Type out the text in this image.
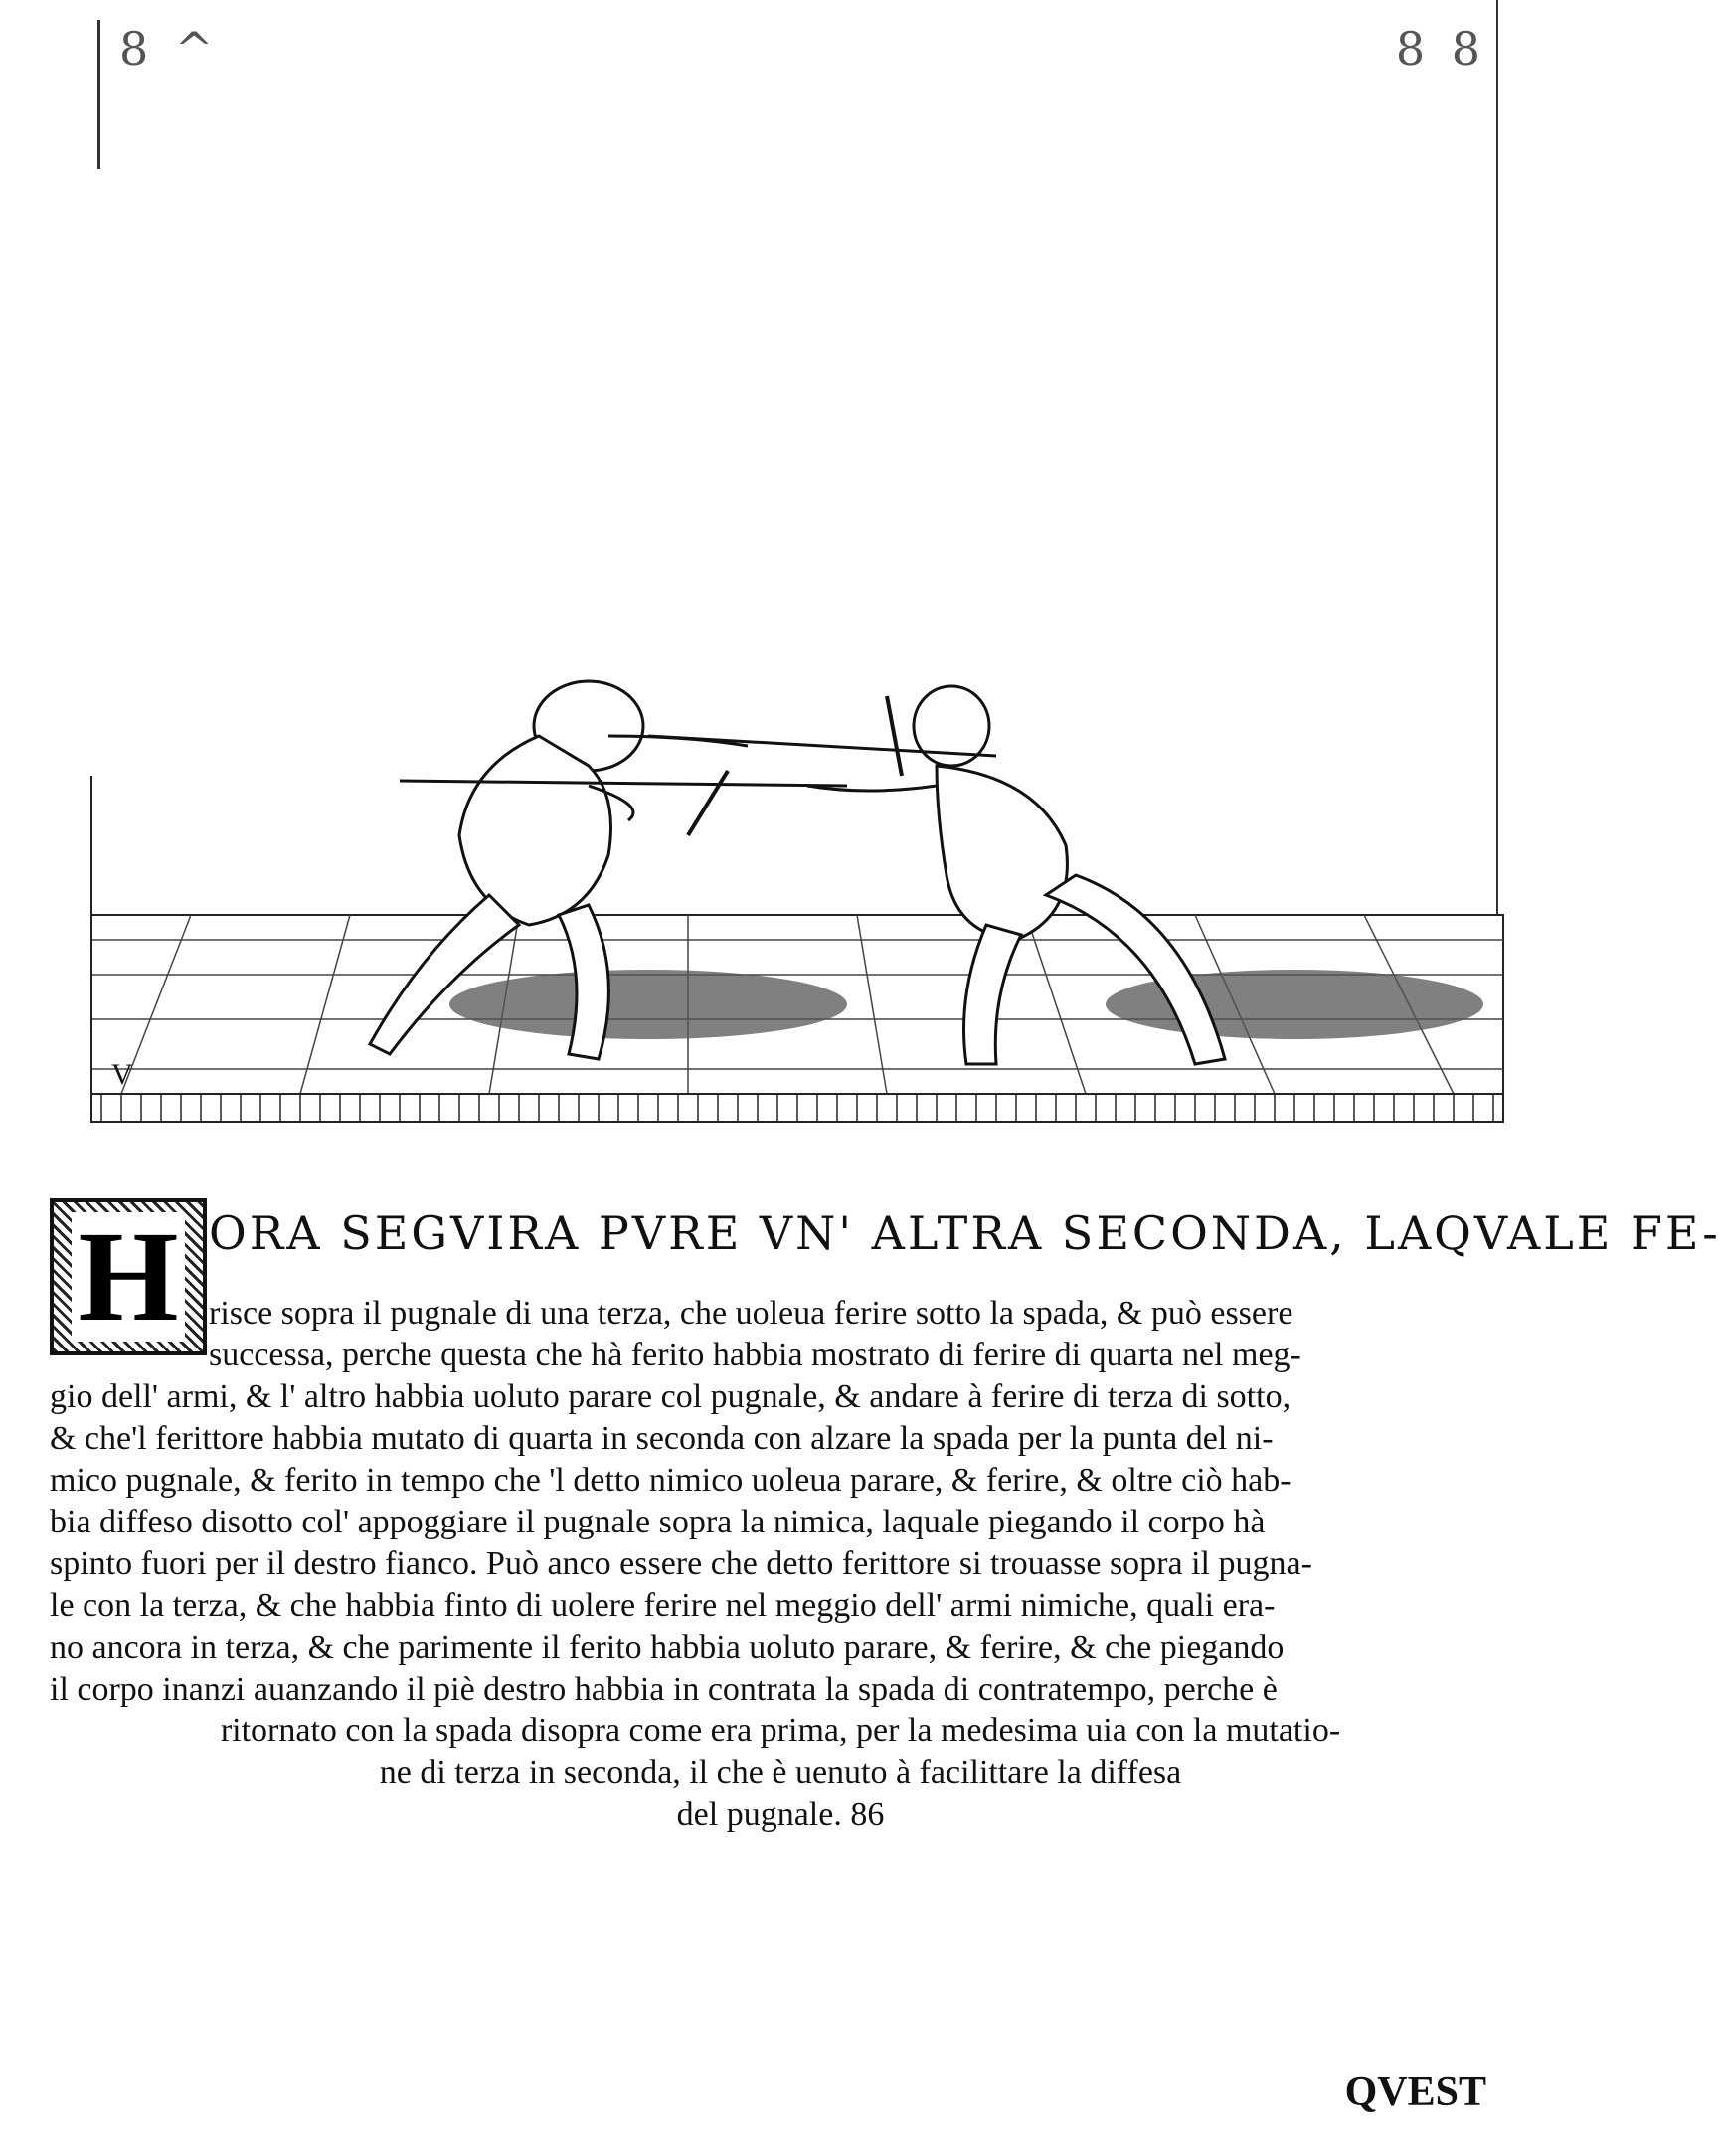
8 ^	8 8
V
H ORA SEGVIRA PVRE VN' ALTRA SECONDA, LAQVALE FE-
risce sopra il pugnale di una terza, che uoleua ferire sotto la spada, & può essere
successa, perche questa che hà ferito habbia mostrato di ferire di quarta nel meg-
gio dell' armi, & l' altro habbia uoluto parare col pugnale, & andare à ferire di terza di sotto,
& che'l ferittore habbia mutato di quarta in seconda con alzare la spada per la punta del ni-
mico pugnale, & ferito in tempo che 'l detto nimico uoleua parare, & ferire, & oltre ciò hab-
bia diffeso disotto col' appoggiare il pugnale sopra la nimica, laquale piegando il corpo hà
spinto fuori per il destro fianco. Può anco essere che detto ferittore si trouasse sopra il pugna-
le con la terza, & che habbia finto di uolere ferire nel meggio dell' armi nimiche, quali era-
no ancora in terza, & che parimente il ferito habbia uoluto parare, & ferire, & che piegando
il corpo inanzi auanzando il piè destro habbia in contrata la spada di contratempo, perche è
ritornato con la spada disopra come era prima, per la medesima uia con la mutatio-
ne di terza in seconda, il che è uenuto à facilittare la diffesa
del pugnale. 86
QVEST
